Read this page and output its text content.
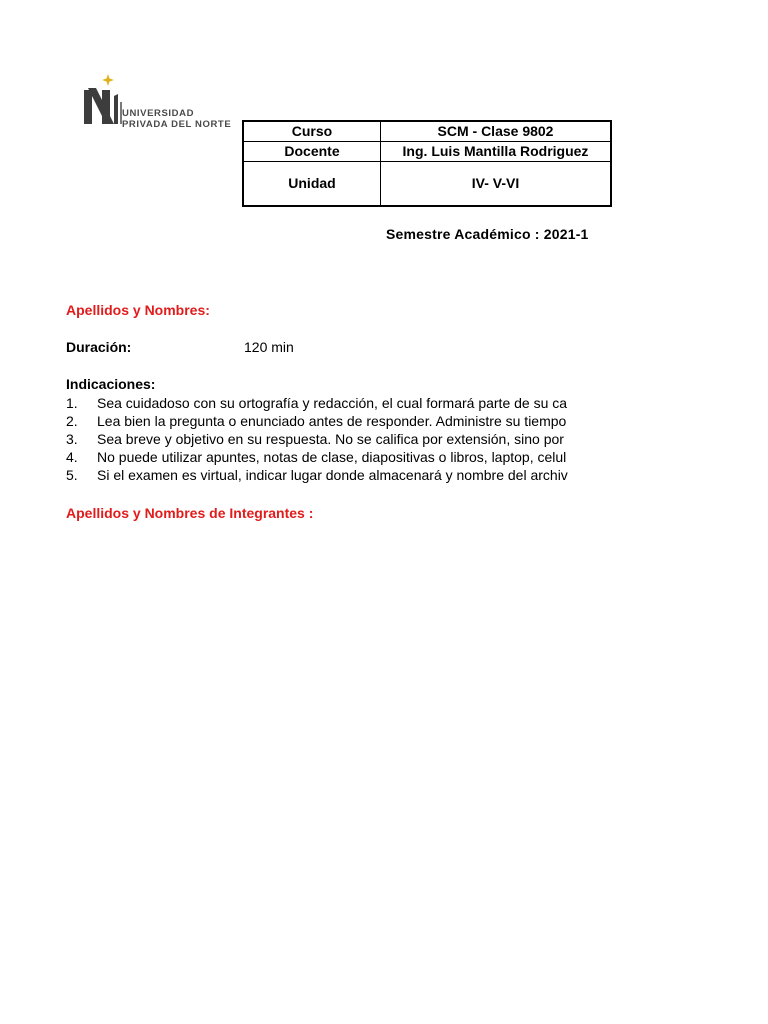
UNIVERSIDAD
PRIVADA DEL NORTE	Curso	SCM - Clase 9802
Docente	Ing. Luis Mantilla Rodriguez
Unidad	IV- V-VI
Semestre Académico : 2021-1
Apellidos y Nombres:
Duración:	120 min
Indicaciones:
1.	Sea cuidadoso con su ortografía y redacción, el cual formará parte de su ca
2.	Lea bien la pregunta o enunciado antes de responder. Administre su tiempo
3.	Sea breve y objetivo en su respuesta. No se califica por extensión, sino por
4.	No puede utilizar apuntes, notas de clase, diapositivas o libros, laptop, celul
5.	Si el examen es virtual, indicar lugar donde almacenará y nombre del archiv
Apellidos y Nombres de Integrantes :
